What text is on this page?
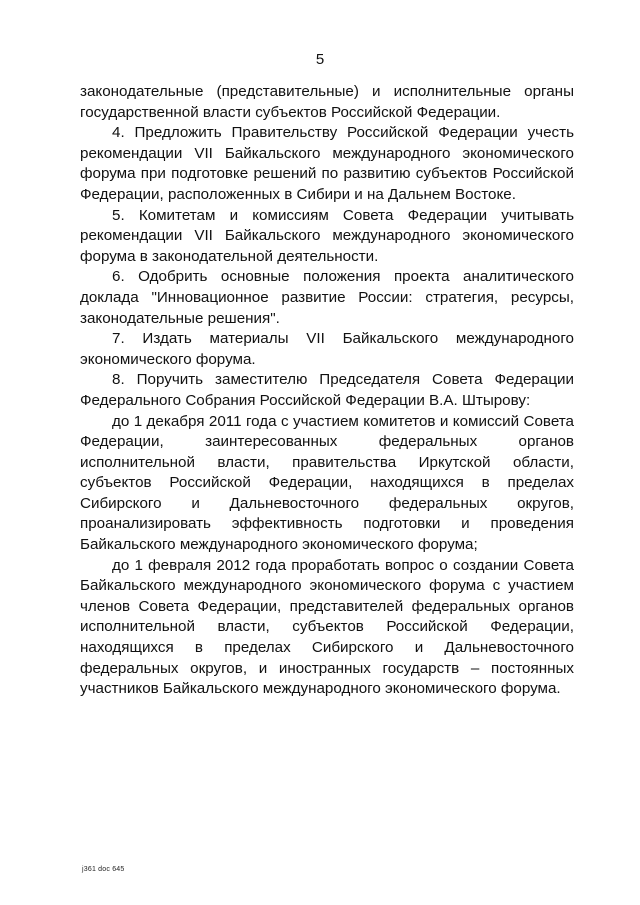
5

законодательные (представительные) и исполнительные органы государственной власти субъектов Российской Федерации.

4. Предложить Правительству Российской Федерации учесть рекомендации VII Байкальского международного экономического форума при подготовке решений по развитию субъектов Российской Федерации, расположенных в Сибири и на Дальнем Востоке.

5. Комитетам и комиссиям Совета Федерации учитывать рекомендации VII Байкальского международного экономического форума в законодательной деятельности.

6. Одобрить основные положения проекта аналитического доклада "Инновационное развитие России: стратегия, ресурсы, законодательные решения".

7. Издать материалы VII Байкальского международного экономического форума.

8. Поручить заместителю Председателя Совета Федерации Федерального Собрания Российской Федерации В.А. Штырову:

до 1 декабря 2011 года с участием комитетов и комиссий Совета Федерации, заинтересованных федеральных органов исполнительной власти, правительства Иркутской области, субъектов Российской Федерации, находящихся в пределах Сибирского и Дальневосточного федеральных округов, проанализировать эффективность подготовки и проведения Байкальского международного экономического форума;

до 1 февраля 2012 года проработать вопрос о создании Совета Байкальского международного экономического форума с участием членов Совета Федерации, представителей федеральных органов исполнительной власти, субъектов Российской Федерации, находящихся в пределах Сибирского и Дальневосточного федеральных округов, и иностранных государств – постоянных участников Байкальского международного экономического форума.

j361 doc 645
